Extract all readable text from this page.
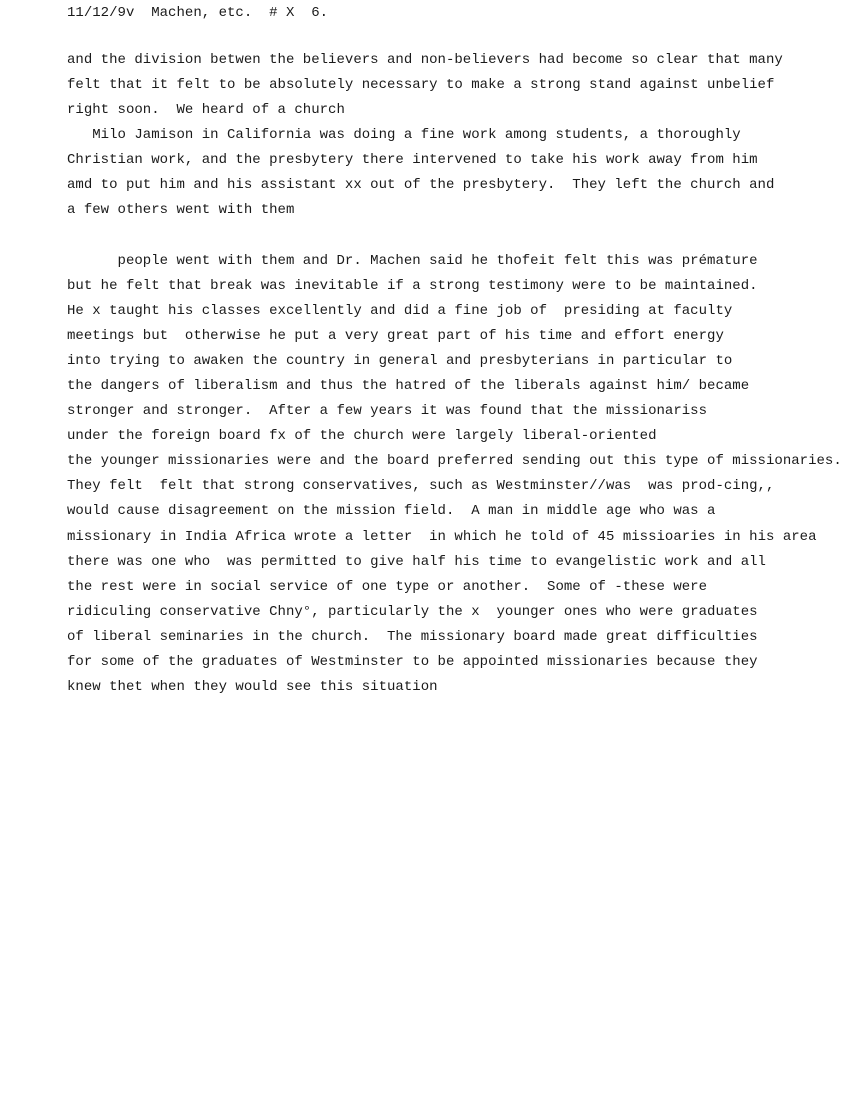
11/12/9v  Machen, etc.  # X  6.
and the division betwen the believers and non-believers had become so clear that many
felt that it felt to be absolutely necessary to make a strong stand against unbelief
right soon.  We heard of a church
Milo Jamison in California was doing a fine work among students, a thoroughly
Christian work, and the presbytery there intervened to take his work away from him
amd to put him and his assistant xx out of the presbytery.  They left the church and
a few others went with them
people went with them and Dr. Machen said he thofeit felt this was prémature
but he felt that break was inevitable if a strong testimony were to be maintained.
He x taught his classes excellently and did a fine job of  presiding at faculty
meetings but  otherwise he put a very great part of his time and effort energy
into trying to awaken the country in general and presbyterians in particular to
the dangers of liberalism and thus the hatred of the liberals against him/ became
stronger and stronger.  After a few years it was found that the missionariss
under the foreign board fx of the church were largely liberal-oriented
the younger missionaries were and the board preferred sending out this type of missionaries.
They felt  felt that strong conservatives, such as Westminster//was  was prod-cing,,
would cause disagreement on the mission field.  A man in middle age who was a
missionary in India Africa wrote a letter  in which he told of 45 missioaries in his area
there was one who  was permitted to give half his time to evangelistic work and all
the rest were in social service of one type or another.  Some of -these were
ridiculing conservative Chny°, particularly the x  younger ones who were graduates
of liberal seminaries in the church.  The missionary board made great difficulties
for some of the graduates of Westminster to be appointed missionaries because they
knew thet when they would see this situation
